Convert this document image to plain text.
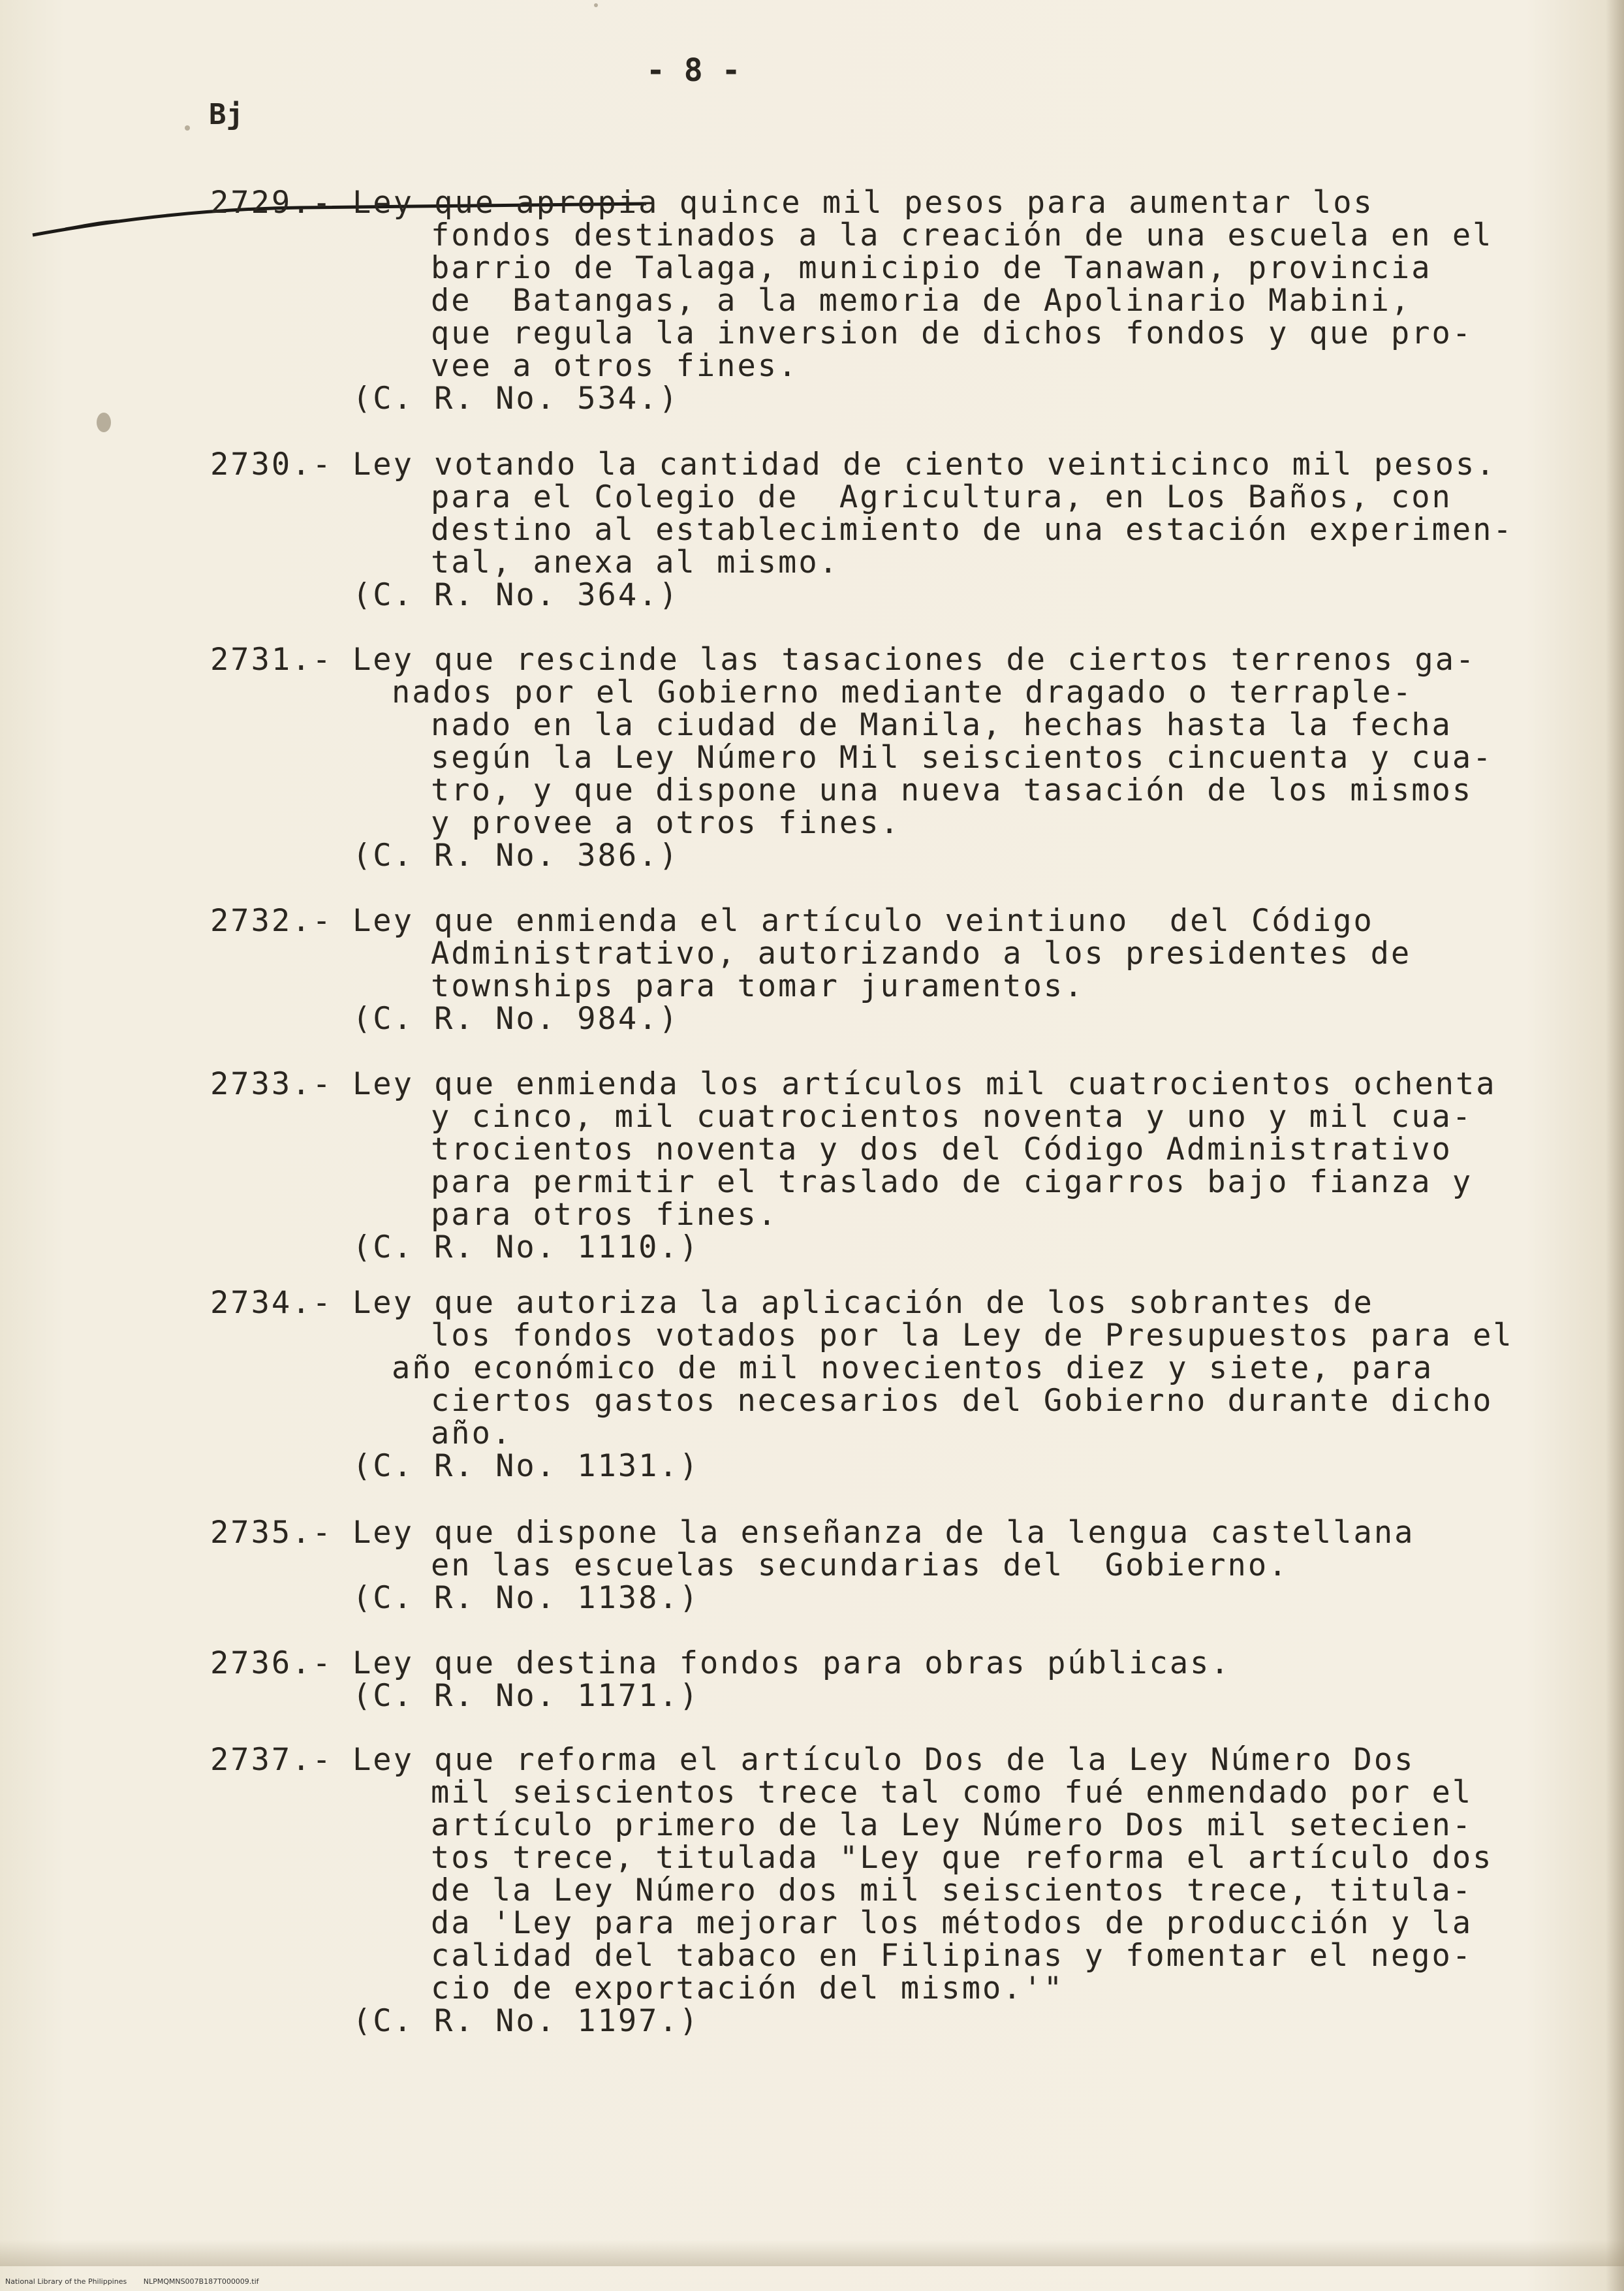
- 8 -
Bj
2729.- Ley que apropia quince mil pesos para aumentar los
fondos destinados a la creación de una escuela en el
barrio de Talaga, municipio de Tanawan, provincia
de  Batangas, a la memoria de Apolinario Mabini,
que regula la inversion de dichos fondos y que pro-
vee a otros fines.
(C. R. No. 534.)
2730.- Ley votando la cantidad de ciento veinticinco mil pesos.
para el Colegio de  Agricultura, en Los Baños, con
destino al establecimiento de una estación experimen-
tal, anexa al mismo.
(C. R. No. 364.)
2731.- Ley que rescinde las tasaciones de ciertos terrenos ga-
nados por el Gobierno mediante dragado o terraple-
nado en la ciudad de Manila, hechas hasta la fecha
según la Ley Número Mil seiscientos cincuenta y cua-
tro, y que dispone una nueva tasación de los mismos
y provee a otros fines.
(C. R. No. 386.)
2732.- Ley que enmienda el artículo veintiuno  del Código
Administrativo, autorizando a los presidentes de
townships para tomar juramentos.
(C. R. No. 984.)
2733.- Ley que enmienda los artículos mil cuatrocientos ochenta
y cinco, mil cuatrocientos noventa y uno y mil cua-
trocientos noventa y dos del Código Administrativo
para permitir el traslado de cigarros bajo fianza y
para otros fines.
(C. R. No. 1110.)
2734.- Ley que autoriza la aplicación de los sobrantes de
los fondos votados por la Ley de Presupuestos para el
año económico de mil novecientos diez y siete, para
ciertos gastos necesarios del Gobierno durante dicho
año.
(C. R. No. 1131.)
2735.- Ley que dispone la enseñanza de la lengua castellana
en las escuelas secundarias del  Gobierno.
(C. R. No. 1138.)
2736.- Ley que destina fondos para obras públicas.
(C. R. No. 1171.)
2737.- Ley que reforma el artículo Dos de la Ley Número Dos
mil seiscientos trece tal como fué enmendado por el
artículo primero de la Ley Número Dos mil setecien-
tos trece, titulada "Ley que reforma el artículo dos
de la Ley Número dos mil seiscientos trece, titula-
da 'Ley para mejorar los métodos de producción y la
calidad del tabaco en Filipinas y fomentar el nego-
cio de exportación del mismo.'"
(C. R. No. 1197.)
National Library of the Philippines NLPMQMNS007B187T000009.tif
